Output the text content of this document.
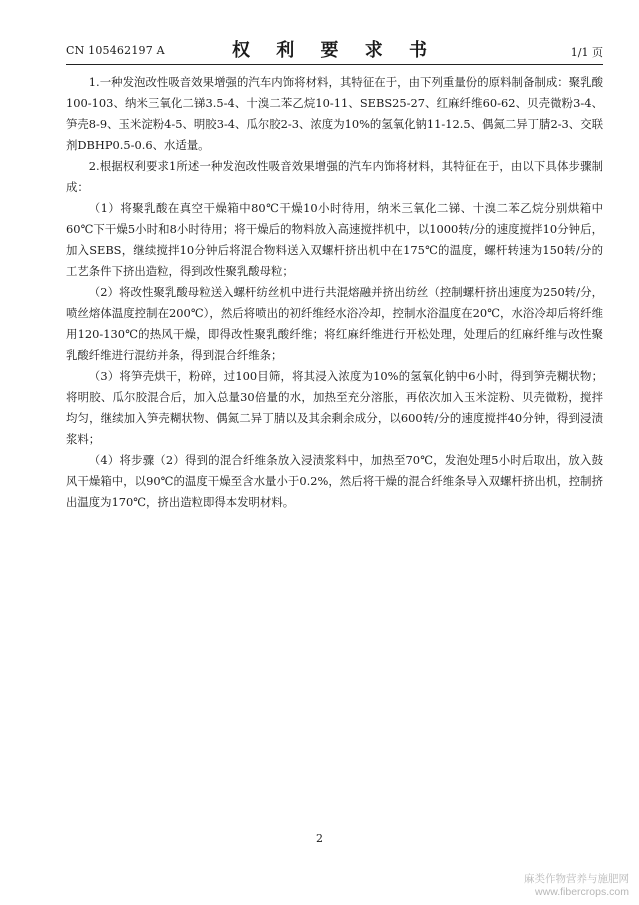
CN 105462197 A	权 利 要 求 书	1/1 页

1.一种发泡改性吸音效果增强的汽车内饰将材料，其特征在于，由下列重量份的原料制备制成：聚乳酸100-103、纳米三氧化二锑3.5-4、十溴二苯乙烷10-11、SEBS25-27、红麻纤维60-62、贝壳微粉3-4、笋壳8-9、玉米淀粉4-5、明胶3-4、瓜尔胶2-3、浓度为10%的氢氧化钠11-12.5、偶氮二异丁腈2-3、交联剂DBHP0.5-0.6、水适量。

2.根据权利要求1所述一种发泡改性吸音效果增强的汽车内饰将材料，其特征在于，由以下具体步骤制成：

（1）将聚乳酸在真空干燥箱中80℃干燥10小时待用，纳米三氧化二锑、十溴二苯乙烷分别烘箱中60℃下干燥5小时和8小时待用；将干燥后的物料放入高速搅拌机中，以1000转/分的速度搅拌10分钟后，加入SEBS，继续搅拌10分钟后将混合物料送入双螺杆挤出机中在175℃的温度，螺杆转速为150转/分的工艺条件下挤出造粒，得到改性聚乳酸母粒；

（2）将改性聚乳酸母粒送入螺杆纺丝机中进行共混熔融并挤出纺丝（控制螺杆挤出速度为250转/分，喷丝熔体温度控制在200℃），然后将喷出的初纤维经水浴冷却，控制水浴温度在20℃，水浴冷却后将纤维用120-130℃的热风干燥，即得改性聚乳酸纤维；将红麻纤维进行开松处理，处理后的红麻纤维与改性聚乳酸纤维进行混纺并条，得到混合纤维条；

（3）将笋壳烘干，粉碎，过100目筛，将其浸入浓度为10%的氢氧化钠中6小时，得到笋壳糊状物；将明胶、瓜尔胶混合后，加入总量30倍量的水，加热至充分溶胀，再依次加入玉米淀粉、贝壳微粉，搅拌均匀，继续加入笋壳糊状物、偶氮二异丁腈以及其余剩余成分，以600转/分的速度搅拌40分钟，得到浸渍浆料；

（4）将步骤（2）得到的混合纤维条放入浸渍浆料中，加热至70℃，发泡处理5小时后取出，放入鼓风干燥箱中，以90℃的温度干燥至含水量小于0.2%，然后将干燥的混合纤维条导入双螺杆挤出机，控制挤出温度为170℃，挤出造粒即得本发明材料。

2
麻类作物营养与施肥网
www.fibercrops.com
